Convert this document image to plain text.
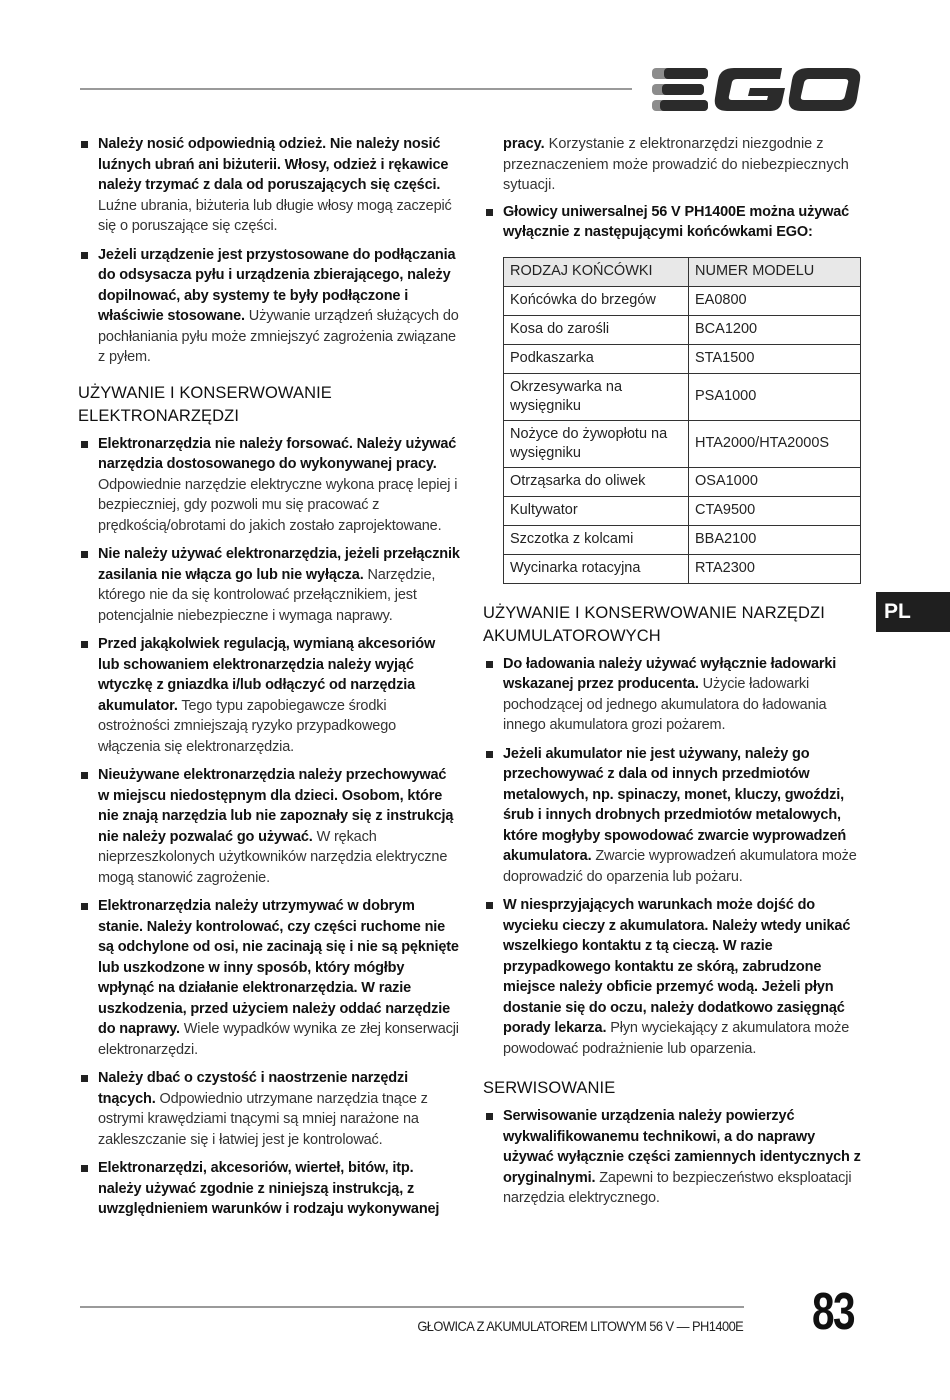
Należy nosić odpowiednią odzież. Nie należy nosić luźnych ubrań ani biżuterii. Włosy, odzież i rękawice należy trzymać z dala od poruszających się części. Luźne ubrania, biżuteria lub długie włosy mogą zaczepić się o poruszające się części.
Jeżeli urządzenie jest przystosowane do podłączania do odsysacza pyłu i urządzenia zbierającego, należy dopilnować, aby systemy te były podłączone i właściwie stosowane. Używanie urządzeń służących do pochłaniania pyłu może zmniejszyć zagrożenia związane z pyłem.
UŻYWANIE I KONSERWOWANIE ELEKTRONARZĘDZI
Elektronarzędzia nie należy forsować. Należy używać narzędzia dostosowanego do wykonywanej pracy. Odpowiednie narzędzie elektryczne wykona pracę lepiej i bezpieczniej, gdy pozwoli mu się pracować z prędkością/obrotami do jakich zostało zaprojektowane.
Nie należy używać elektronarzędzia, jeżeli przełącznik zasilania nie włącza go lub nie wyłącza. Narzędzie, którego nie da się kontrolować przełącznikiem, jest potencjalnie niebezpieczne i wymaga naprawy.
Przed jakąkolwiek regulacją, wymianą akcesoriów lub schowaniem elektronarzędzia należy wyjąć wtyczkę z gniazdka i/lub odłączyć od narzędzia akumulator. Tego typu zapobiegawcze środki ostrożności zmniejszają ryzyko przypadkowego włączenia się elektronarzędzia.
Nieużywane elektronarzędzia należy przechowywać w miejscu niedostępnym dla dzieci. Osobom, które nie znają narzędzia lub nie zapoznały się z instrukcją nie należy pozwalać go używać. W rękach nieprzeszkolonych użytkowników narzędzia elektryczne mogą stanowić zagrożenie.
Elektronarzędzia należy utrzymywać w dobrym stanie. Należy kontrolować, czy części ruchome nie są odchylone od osi, nie zacinają się i nie są pęknięte lub uszkodzone w inny sposób, który mógłby wpłynąć na działanie elektronarzędzia. W razie uszkodzenia, przed użyciem należy oddać narzędzie do naprawy. Wiele wypadków wynika ze złej konserwacji elektronarzędzi.
Należy dbać o czystość i naostrzenie narzędzi tnących. Odpowiednio utrzymane narzędzia tnące z ostrymi krawędziami tnącymi są mniej narażone na zakleszczanie się i łatwiej jest je kontrolować.
Elektronarzędzi, akcesoriów, wierteł, bitów, itp. należy używać zgodnie z niniejszą instrukcją, z uwzględnieniem warunków i rodzaju wykonywanej

pracy. Korzystanie z elektronarzędzi niezgodnie z przeznaczeniem może prowadzić do niebezpiecznych sytuacji.

Głowicy uniwersalnej 56 V PH1400E można używać wyłącznie z następującymi końcówkami EGO:
RODZAJ KOŃCÓWKI	NUMER MODELU
Końcówka do brzegów	EA0800
Kosa do zarośli	BCA1200
Podkaszarka	STA1500
Okrzesywarka na wysięgniku	PSA1000
Nożyce do żywopłotu na wysięgniku	HTA2000/HTA2000S
Otrząsarka do oliwek	OSA1000
Kultywator	CTA9500
Szczotka z kolcami	BBA2100
Wycinarka rotacyjna	RTA2300
UŻYWANIE I KONSERWOWANIE NARZĘDZI AKUMULATOROWYCH
Do ładowania należy używać wyłącznie ładowarki wskazanej przez producenta. Użycie ładowarki pochodzącej od jednego akumulatora do ładowania innego akumulatora grozi pożarem.
Jeżeli akumulator nie jest używany, należy go przechowywać z dala od innych przedmiotów metalowych, np. spinaczy, monet, kluczy, gwoździ, śrub i innych drobnych przedmiotów metalowych, które mogłyby spowodować zwarcie wyprowadzeń akumulatora. Zwarcie wyprowadzeń akumulatora może doprowadzić do oparzenia lub pożaru.
W niesprzyjających warunkach może dojść do wycieku cieczy z akumulatora. Należy wtedy unikać wszelkiego kontaktu z tą cieczą. W razie przypadkowego kontaktu ze skórą, zabrudzone miejsce należy obficie przemyć wodą. Jeżeli płyn dostanie się do oczu, należy dodatkowo zasięgnąć porady lekarza. Płyn wyciekający z akumulatora może powodować podrażnienie lub oparzenia.
SERWISOWANIE
Serwisowanie urządzenia należy powierzyć wykwalifikowanemu technikowi, a do naprawy używać wyłącznie części zamiennych identycznych z oryginalnymi. Zapewni to bezpieczeństwo eksploatacji narzędzia elektrycznego.
PL
GŁOWICA Z AKUMULATOREM LITOWYM 56 V — PH1400E 83
